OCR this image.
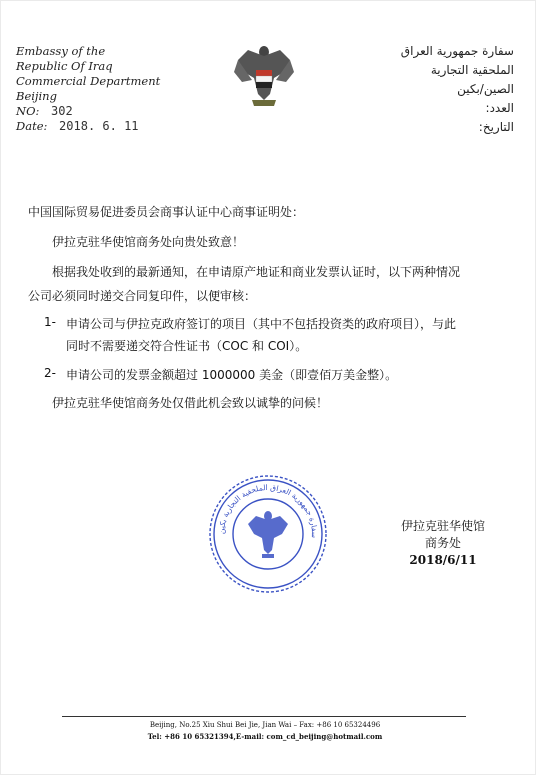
Embassy of the
Republic Of Iraq
Commercial Department
Beijing
NO: 302
Date: 2018. 6. 11
سفارة جمهورية العراق
الملحقية التجارية
الصين/بكين
العدد:
التاريخ:
中国国际贸易促进委员会商事认证中心商事证明处：
伊拉克驻华使馆商务处向贵处致意！
根据我处收到的最新通知，在申请原产地证和商业发票认证时，以下两种情况
公司必须同时递交合同复印件，以便审核：
1- 申请公司与伊拉克政府签订的项目（其中不包括投资类的政府项目），与此
同时不需要递交符合性证书（COC 和 COI）。
2- 申请公司的发票金额超过 1000000 美金（即壹佰万美金整）。
伊拉克驻华使馆商务处仅借此机会致以诚挚的问候！
سفارة جمهورية العراق الملحقية التجارية بكين
伊拉克驻华使馆
商务处
2018/6/11
Beijing, No.25 Xiu Shui Bei Jie, Jian Wai – Fax: +86 10 65324496
Tel: +86 10 65321394,E-mail: com_cd_beijing@hotmail.com
